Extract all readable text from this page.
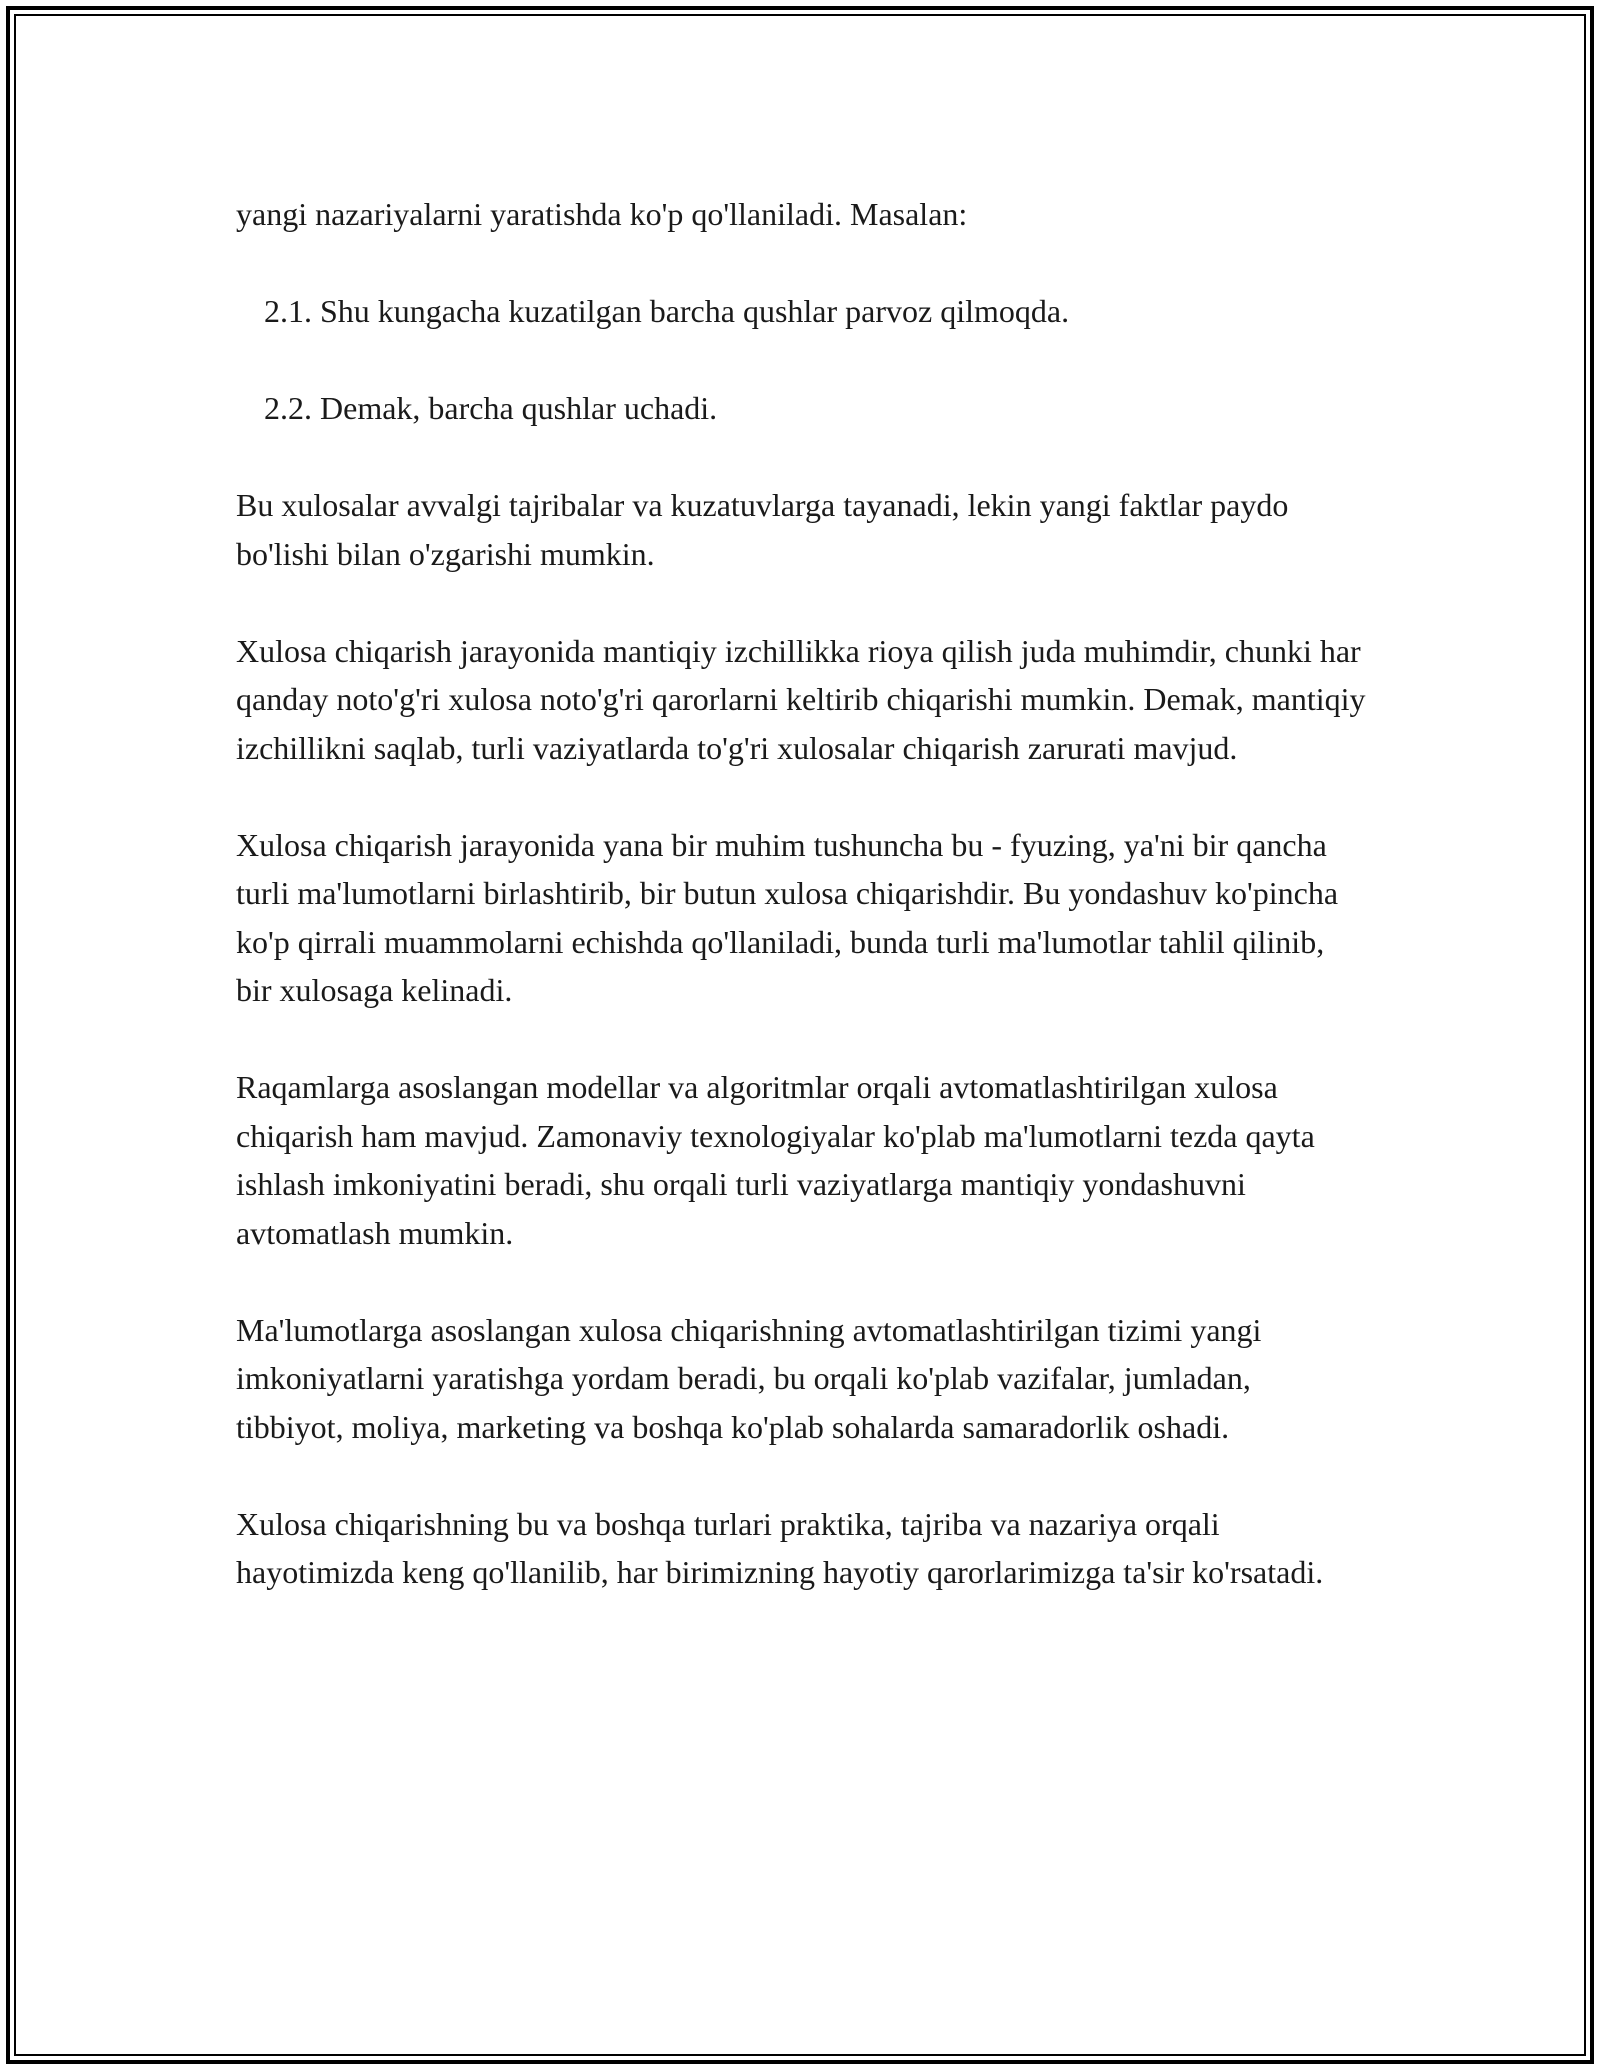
yangi nazariyalarni yaratishda ko'p qo'llaniladi. Masalan:

2.1. Shu kungacha kuzatilgan barcha qushlar parvoz qilmoqda.

2.2. Demak, barcha qushlar uchadi.

Bu xulosalar avvalgi tajribalar va kuzatuvlarga tayanadi, lekin yangi faktlar paydo bo'lishi bilan o'zgarishi mumkin.

Xulosa chiqarish jarayonida mantiqiy izchillikka rioya qilish juda muhimdir, chunki har qanday noto'g'ri xulosa noto'g'ri qarorlarni keltirib chiqarishi mumkin. Demak, mantiqiy izchillikni saqlab, turli vaziyatlarda to'g'ri xulosalar chiqarish zarurati mavjud.

Xulosa chiqarish jarayonida yana bir muhim tushuncha bu - fyuzing, ya'ni bir qancha turli ma'lumotlarni birlashtirib, bir butun xulosa chiqarishdir. Bu yondashuv ko'pincha ko'p qirrali muammolarni echishda qo'llaniladi, bunda turli ma'lumotlar tahlil qilinib, bir xulosaga kelinadi.

Raqamlarga asoslangan modellar va algoritmlar orqali avtomatlashtirilgan xulosa chiqarish ham mavjud. Zamonaviy texnologiyalar ko'plab ma'lumotlarni tezda qayta ishlash imkoniyatini beradi, shu orqali turli vaziyatlarga mantiqiy yondashuvni avtomatlash mumkin.

Ma'lumotlarga asoslangan xulosa chiqarishning avtomatlashtirilgan tizimi yangi imkoniyatlarni yaratishga yordam beradi, bu orqali ko'plab vazifalar, jumladan, tibbiyot, moliya, marketing va boshqa ko'plab sohalarda samaradorlik oshadi.

Xulosa chiqarishning bu va boshqa turlari praktika, tajriba va nazariya orqali hayotimizda keng qo'llanilib, har birimizning hayotiy qarorlarimizga ta'sir ko'rsatadi.
